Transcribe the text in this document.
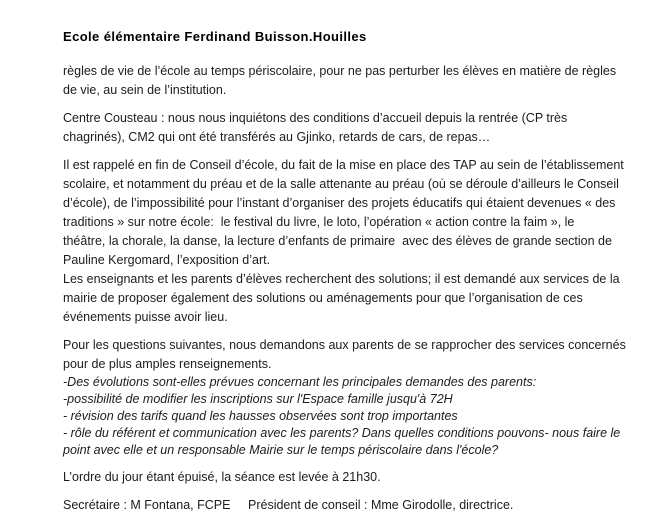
Ecole élémentaire Ferdinand Buisson.Houilles
règles de vie de l’école au temps périscolaire, pour ne pas perturber les élèves en matière de règles
de vie, au sein de l’institution.
Centre Cousteau : nous nous inquiétons des conditions d’accueil depuis la rentrée (CP très
chagrinés), CM2 qui ont été transférés au Gjinko, retards de cars, de repas…
Il est rappelé en fin de Conseil d’école, du fait de la mise en place des TAP au sein de l’établissement
scolaire, et notamment du préau et de la salle attenante au préau (où se déroule d’ailleurs le Conseil
d’école), de l’impossibilité pour l’instant d’organiser des projets éducatifs qui étaient devenues « des
traditions » sur notre école:  le festival du livre, le loto, l’opération « action contre la faim », le
théâtre, la chorale, la danse, la lecture d’enfants de primaire  avec des élèves de grande section de
Pauline Kergomard, l’exposition d’art.
Les enseignants et les parents d’élèves recherchent des solutions; il est demandé aux services de la
mairie de proposer également des solutions ou aménagements pour que l’organisation de ces
événements puisse avoir lieu.
Pour les questions suivantes, nous demandons aux parents de se rapprocher des services concernés
pour de plus amples renseignements.
-Des évolutions sont-elles prévues concernant les principales demandes des parents:
-possibilité de modifier les inscriptions sur l'Espace famille jusqu'à 72H
- révision des tarifs quand les hausses observées sont trop importantes
- rôle du référent et communication avec les parents? Dans quelles conditions pouvons- nous faire le
point avec elle et un responsable Mairie sur le temps périscolaire dans l'école?
L’ordre du jour étant épuisé, la séance est levée à 21h30.
Secrétaire : M Fontana, FCPE	Président de conseil : Mme Girodolle, directrice.
